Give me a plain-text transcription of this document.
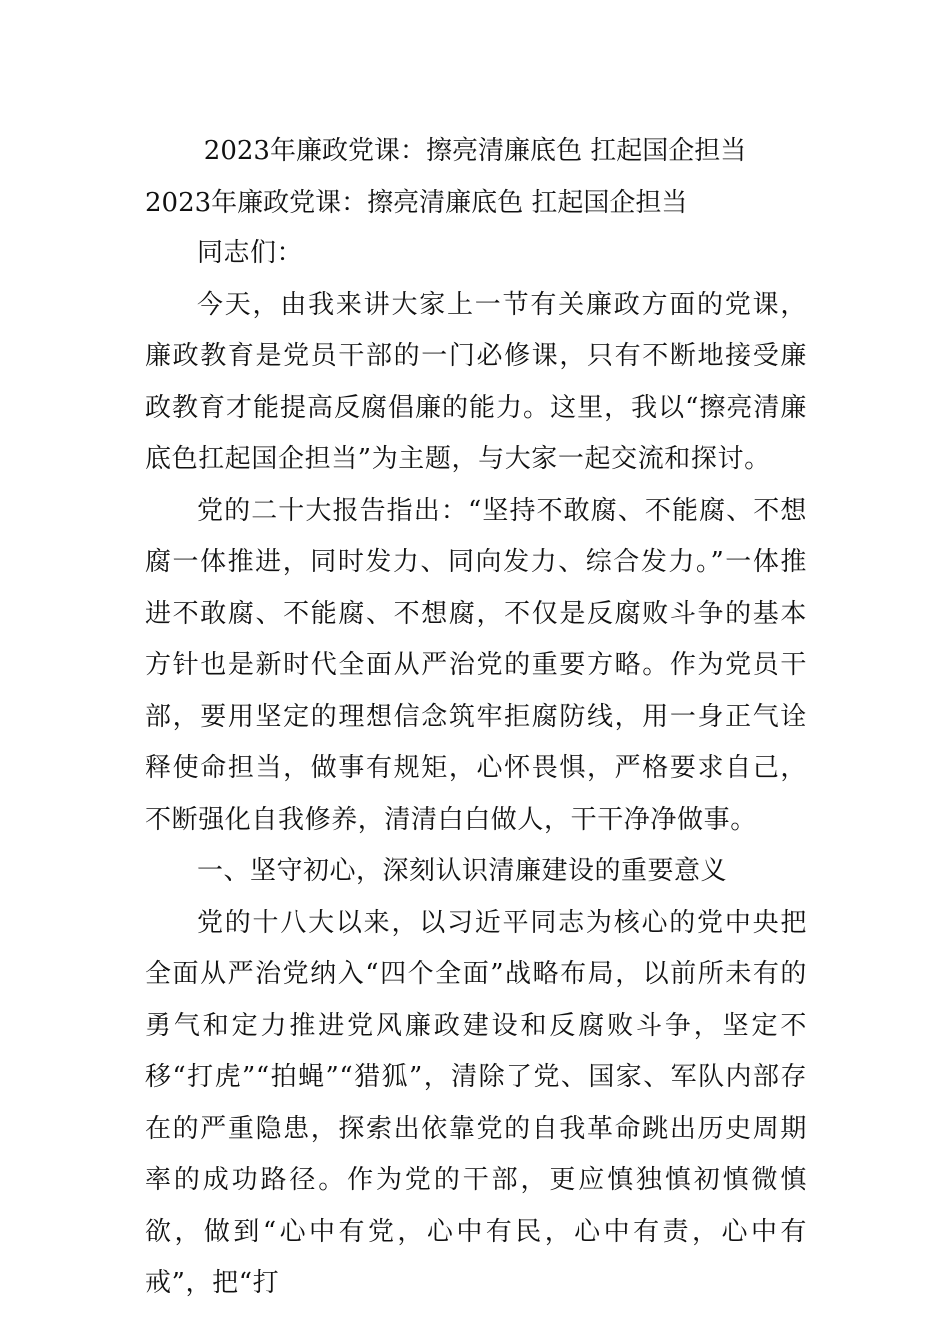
2023年廉政党课：擦亮清廉底色 扛起国企担当
2023年廉政党课：擦亮清廉底色 扛起国企担当

同志们：

今天，由我来讲大家上一节有关廉政方面的党课，廉政教育是党员干部的一门必修课，只有不断地接受廉政教育才能提高反腐倡廉的能力。这里，我以“擦亮清廉底色扛起国企担当”为主题，与大家一起交流和探讨。

党的二十大报告指出：“坚持不敢腐、不能腐、不想腐一体推进，同时发力、同向发力、综合发力。”一体推进不敢腐、不能腐、不想腐，不仅是反腐败斗争的基本方针也是新时代全面从严治党的重要方略。作为党员干部，要用坚定的理想信念筑牢拒腐防线，用一身正气诠释使命担当，做事有规矩，心怀畏惧，严格要求自己，不断强化自我修养，清清白白做人，干干净净做事。

一、坚守初心，深刻认识清廉建设的重要意义

党的十八大以来，以习近平同志为核心的党中央把全面从严治党纳入“四个全面”战略布局，以前所未有的勇气和定力推进党风廉政建设和反腐败斗争，坚定不移“打虎”“拍蝇”“猎狐”，清除了党、国家、军队内部存在的严重隐患，探索出依靠党的自我革命跳出历史周期率的成功路径。作为党的干部，更应慎独慎初慎微慎欲，做到“心中有党，心中有民，心中有责，心中有戒”，把“打
